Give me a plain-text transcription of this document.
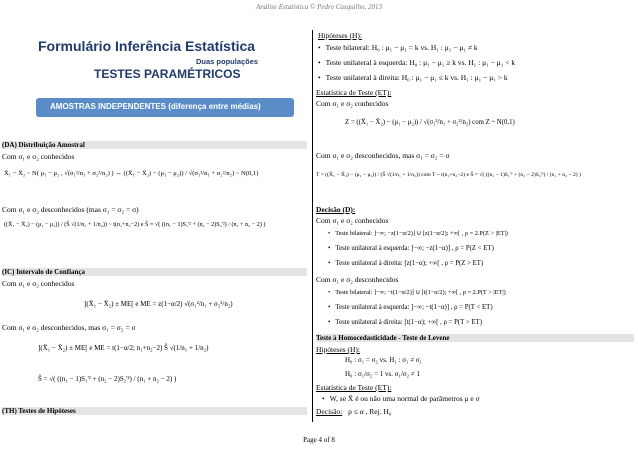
Análise Estatística © Pedro Casquilho, 2013
Formulário Inferência Estatística
Duas populações
TESTES PARAMÉTRICOS
AMOSTRAS INDEPENDENTES (diferença entre médias)
(DA) Distribuição Amostral
Com σ₁ e σ₂ conhecidos
X̄₁ − X̄₂ ~ N( μ₁ − μ₂ , √(σ₁²/n₁ + σ₂²/n₂) ) ⇔ ((X̄₁ − X̄₂) − (μ₁ − μ₂)) / √(σ₁²/n₁ + σ₂²/n₂) ~ N(0,1)
Com σ₁ e σ₂ desconhecidos (mas σ₁ = σ₂ = σ)
((X̄₁ − X̄₂) − (μ₁ − μ₂)) / (Ŝ √(1/n₁ + 1/n₂)) ~ t(n₁+n₂−2) e Ŝ = √( ((n₁ − 1)S₁'² + (n₂ − 2)S₂'²) / (n₁ + n₂ − 2) )
(IC) Intervalo de Confiança
Com σ₁ e σ₂ conhecidos
](X̄₁ − X̄₂) ± ME[ e ME = z(1−α/2) √(σ₁²/n₁ + σ₂²/n₂)
Com σ₁ e σ₂ desconhecidos, mas σ₁ = σ₂ = σ
](X̄₁ − X̄₂) ± ME[ e ME = t(1−α/2; n₁+n₂−2) Ŝ √(1/n₁ + 1/n₂)
Ŝ = √( ((n₁ − 1)S₁'² + (n₂ − 2)S₂'²) / (n₁ + n₂ − 2) )
(TH) Testes de Hipóteses
Hipóteses (H):
• Teste bilateral: H₀ : μ₁ − μ₁ = k vs. H₁ : μ₁ − μ₁ ≠ k
• Teste unilateral à esquerda: H₀ : μ₁ − μ₁ ≥ k vs. H₁ : μ₁ − μ₁ < k
• Teste unilateral à direita: H₀ : μ₁ − μ₁ ≤ k vs. H₁ : μ₁ − μ₁ > k
Estatística de Teste (ET):
Com σ₁ e σ₂ conhecidos
Z = ((X̄₁ − X̄₂) − (μ₁ − μ₂)) / √(σ₁²/n₁ + σ₂²/n₂) com Z ~ N(0,1)
Com σ₁ e σ₂ desconhecidos, mas σ₁ = σ₂ = σ
T = ((X̄₁ − X̄₂) − (μ₁ − μ₂)) / (Ŝ √(1/n₁ + 1/n₂)) com T ~ t(n₁+n₂−2) e Ŝ = √( ((n₁ − 1)S₁'² + (n₂ − 2)S₂'²) / (n₁ + n₂ − 2) )
Decisão (D):
Com σ₁ e σ₂ conhecidos
• Teste bilateral: ]−∞; −z(1−α/2)] ∪ [z(1−α/2); +∞[ , ρ = 2.P(Z > |ET|)
• Teste unilateral à esquerda: ]−∞; −z(1−α)] , ρ = P(Z < ET)
• Teste unilateral à direita: [z(1−α); +∞[ , ρ = P(Z > ET)
Com σ₁ e σ₂ desconhecidos
• Teste bilateral: ]−∞; −t(1−α/2)] ∪ [t(1−α/2); +∞[ , ρ = 2.P(T > |ET|)
• Teste unilateral à esquerda: ]−∞; −t(1−α)] , ρ = P(T < ET)
• Teste unilateral à direita: [t(1−α); +∞[ , ρ = P(T > ET)
Teste à Homocedasticidade - Teste de Levene
Hipóteses (H):
H₀ : σ₁ = σ₂ vs. H₁ : σ₁ ≠ σ₁
H₀ : σ₁/σ₂ = 1 vs. σ₁/σ₂ ≠ 1
Estatística de Teste (ET):
• W, se X̄ é ou não uma normal de parâmetros μ e σ
Decisão: ρ ≤ α , Rej. H₀
Page 4 of 8
